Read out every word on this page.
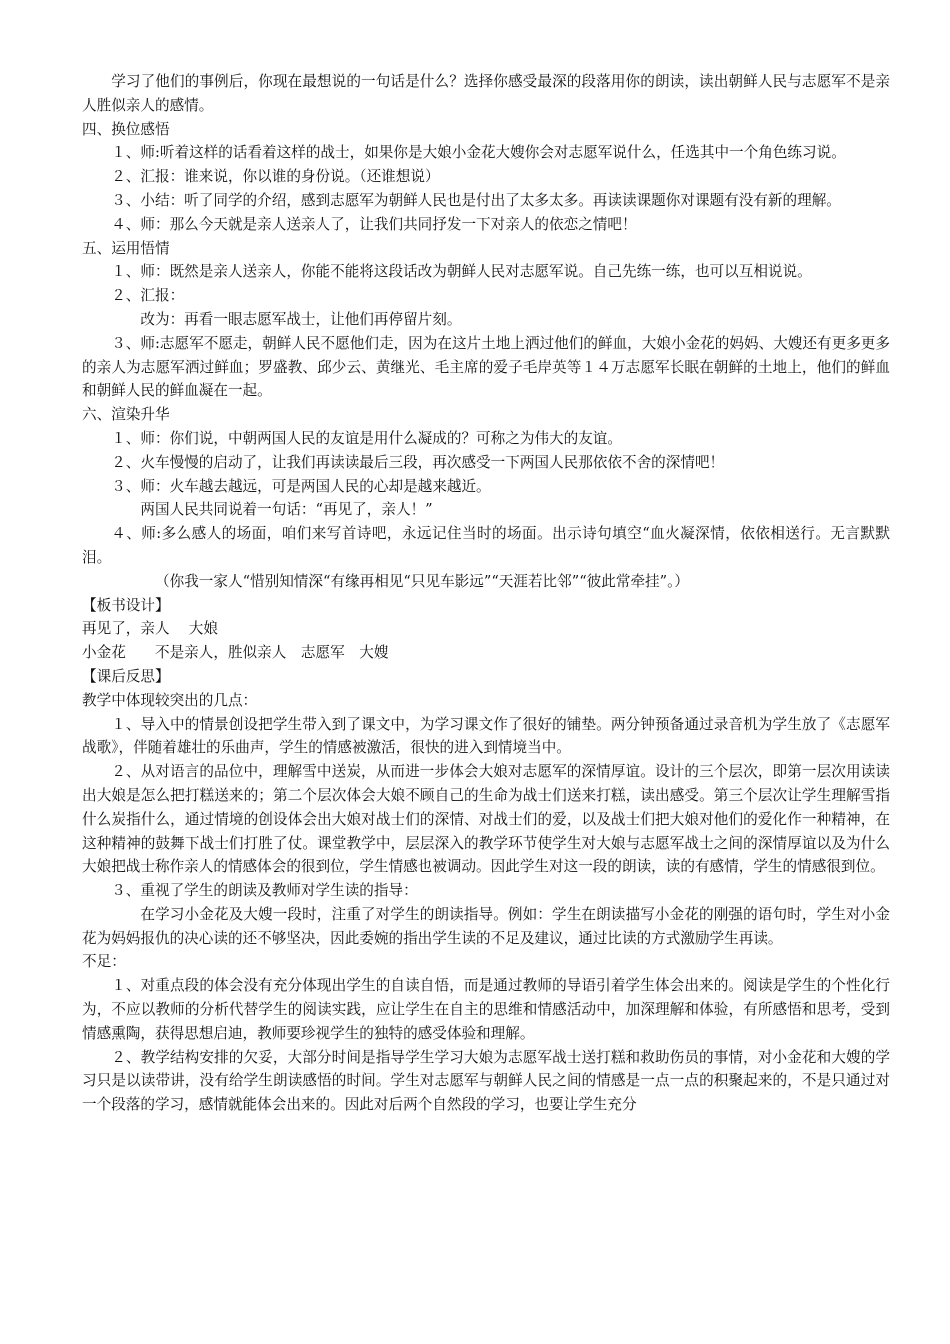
学习了他们的事例后，你现在最想说的一句话是什么？选择你感受最深的段落用你的朗读，读出朝鲜人民与志愿军不是亲人胜似亲人的感情。

四、换位感悟

１、师:听着这样的话看着这样的战士，如果你是大娘小金花大嫂你会对志愿军说什么，任选其中一个角色练习说。

２、汇报：谁来说，你以谁的身份说。（还谁想说）

３、小结：听了同学的介绍，感到志愿军为朝鲜人民也是付出了太多太多。再读读课题你对课题有没有新的理解。

４、师：那么今天就是亲人送亲人了，让我们共同抒发一下对亲人的依恋之情吧！

五、运用悟情

１、师：既然是亲人送亲人，你能不能将这段话改为朝鲜人民对志愿军说。自己先练一练，也可以互相说说。

２、汇报：

改为：再看一眼志愿军战士，让他们再停留片刻。

３、师:志愿军不愿走，朝鲜人民不愿他们走，因为在这片土地上洒过他们的鲜血，大娘小金花的妈妈、大嫂还有更多更多的亲人为志愿军洒过鲜血；罗盛教、邱少云、黄继光、毛主席的爱子毛岸英等１４万志愿军长眠在朝鲜的土地上，他们的鲜血和朝鲜人民的鲜血凝在一起。

六、渲染升华

１、师：你们说，中朝两国人民的友谊是用什么凝成的？可称之为伟大的友谊。

２、火车慢慢的启动了，让我们再读读最后三段，再次感受一下两国人民那依依不舍的深情吧！

３、师：火车越去越远，可是两国人民的心却是越来越近。

两国人民共同说着一句话：“再见了，亲人！”

４、师:多么感人的场面，咱们来写首诗吧，永远记住当时的场面。出示诗句填空“血火凝深情，依依相送行。无言默默泪。

（你我一家人“惜别知情深“有缘再相见“只见车影远”“天涯若比邻”“彼此常牵挂”。）

【板书设计】

再见了，亲人　 大娘

小金花　　不是亲人，胜似亲人　志愿军　大嫂

【课后反思】

教学中体现较突出的几点：

１、导入中的情景创设把学生带入到了课文中，为学习课文作了很好的铺垫。两分钟预备通过录音机为学生放了《志愿军战歌》，伴随着雄壮的乐曲声，学生的情感被激活，很快的进入到情境当中。

２、从对语言的品位中，理解雪中送炭，从而进一步体会大娘对志愿军的深情厚谊。设计的三个层次，即第一层次用读读出大娘是怎么把打糕送来的；第二个层次体会大娘不顾自己的生命为战士们送来打糕，读出感受。第三个层次让学生理解雪指什么炭指什么，通过情境的创设体会出大娘对战士们的深情、对战士们的爱，以及战士们把大娘对他们的爱化作一种精神，在这种精神的鼓舞下战士们打胜了仗。课堂教学中，层层深入的教学环节使学生对大娘与志愿军战士之间的深情厚谊以及为什么大娘把战士称作亲人的情感体会的很到位，学生情感也被调动。因此学生对这一段的朗读，读的有感情，学生的情感很到位。

３、重视了学生的朗读及教师对学生读的指导：

在学习小金花及大嫂一段时，注重了对学生的朗读指导。例如：学生在朗读描写小金花的刚强的语句时，学生对小金花为妈妈报仇的决心读的还不够坚决，因此委婉的指出学生读的不足及建议，通过比读的方式激励学生再读。

不足：

１、对重点段的体会没有充分体现出学生的自读自悟，而是通过教师的导语引着学生体会出来的。阅读是学生的个性化行为，不应以教师的分析代替学生的阅读实践，应让学生在自主的思维和情感活动中，加深理解和体验，有所感悟和思考，受到情感熏陶，获得思想启迪，教师要珍视学生的独特的感受体验和理解。

２、教学结构安排的欠妥，大部分时间是指导学生学习大娘为志愿军战士送打糕和救助伤员的事情，对小金花和大嫂的学习只是以读带讲，没有给学生朗读感悟的时间。学生对志愿军与朝鲜人民之间的情感是一点一点的积聚起来的，不是只通过对一个段落的学习，感情就能体会出来的。因此对后两个自然段的学习，也要让学生充分
